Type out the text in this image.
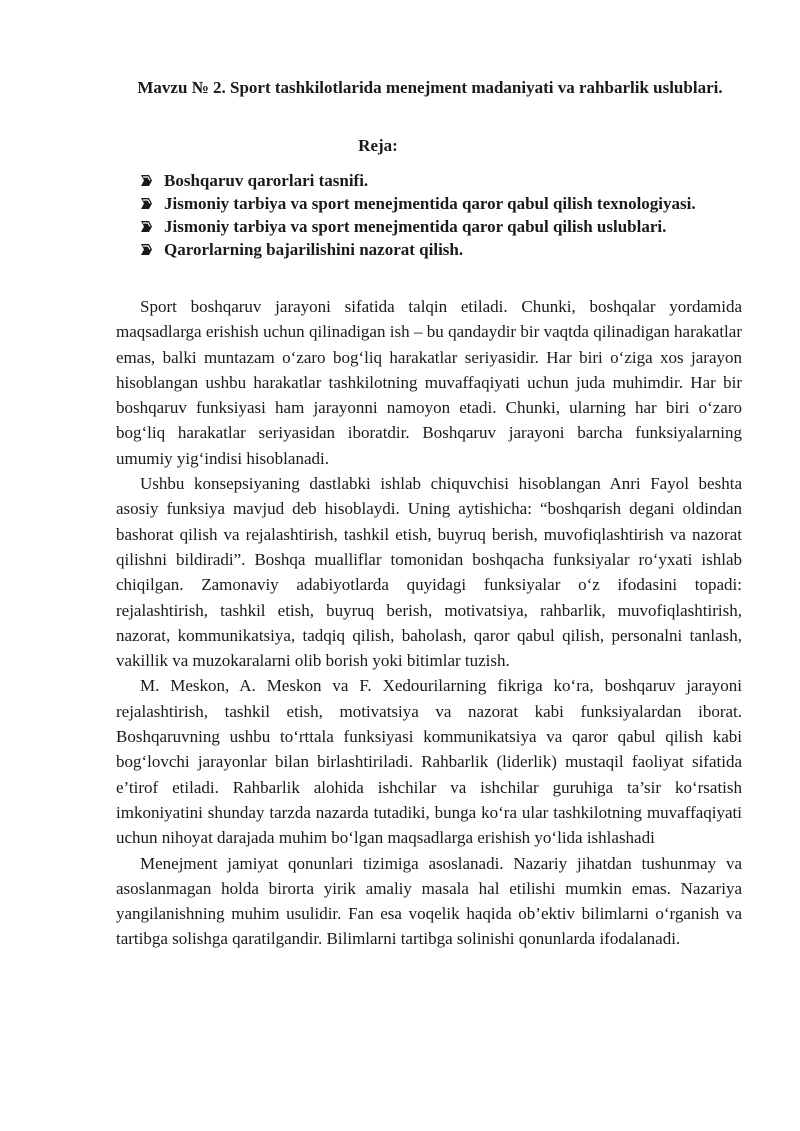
Mavzu № 2. Sport tashkilotlarida menejment madaniyati va rahbarlik uslublari.
Reja:
Boshqaruv qarorlari tasnifi.
Jismoniy tarbiya va sport menejmentida qaror qabul qilish texnologiyasi.
Jismoniy tarbiya va sport menejmentida qaror qabul qilish uslublari.
Qarorlarning bajarilishini nazorat qilish.

Sport boshqaruv jarayoni sifatida talqin etiladi. Chunki, boshqalar yordamida maqsadlarga erishish uchun qilinadigan ish – bu qandaydir bir vaqtda qilinadigan harakatlar emas, balki muntazam o‘zaro bog‘liq harakatlar seriyasidir. Har biri o‘ziga xos jarayon hisoblangan ushbu harakatlar tashkilotning muvaffaqiyati uchun juda muhimdir. Har bir boshqaruv funksiyasi ham jarayonni namoyon etadi. Chunki, ularning har biri o‘zaro bog‘liq harakatlar seriyasidan iboratdir. Boshqaruv jarayoni barcha funksiyalarning umumiy yig‘indisi hisoblanadi.

Ushbu konsepsiyaning dastlabki ishlab chiquvchisi hisoblangan Anri Fayol beshta asosiy funksiya mavjud deb hisoblaydi. Uning aytishicha: “boshqarish degani oldindan bashorat qilish va rejalashtirish, tashkil etish, buyruq berish, muvofiqlashtirish va nazorat qilishni bildiradi”. Boshqa mualliflar tomonidan boshqacha funksiyalar ro‘yxati ishlab chiqilgan. Zamonaviy adabiyotlarda quyidagi funksiyalar o‘z ifodasini topadi: rejalashtirish, tashkil etish, buyruq berish, motivatsiya, rahbarlik, muvofiqlashtirish, nazorat, kommunikatsiya, tadqiq qilish, baholash, qaror qabul qilish, personalni tanlash, vakillik va muzokaralarni olib borish yoki bitimlar tuzish.

M. Meskon, A. Meskon va F. Xedourilarning fikriga ko‘ra, boshqaruv jarayoni rejalashtirish, tashkil etish, motivatsiya va nazorat kabi funksiyalardan iborat. Boshqaruvning ushbu to‘rttala funksiyasi kommunikatsiya va qaror qabul qilish kabi bog‘lovchi jarayonlar bilan birlashtiriladi. Rahbarlik (liderlik) mustaqil faoliyat sifatida e’tirof etiladi. Rahbarlik alohida ishchilar va ishchilar guruhiga ta’sir ko‘rsatish imkoniyatini shunday tarzda nazarda tutadiki, bunga ko‘ra ular tashkilotning muvaffaqiyati uchun nihoyat darajada muhim bo‘lgan maqsadlarga erishish yo‘lida ishlashadi

Menejment jamiyat qonunlari tizimiga asoslanadi. Nazariy jihatdan tushunmay va asoslanmagan holda birorta yirik amaliy masala hal etilishi mumkin emas. Nazariya yangilanishning muhim usulidir. Fan esa voqelik haqida ob’ektiv bilimlarni o‘rganish va tartibga solishga qaratilgandir. Bilimlarni tartibga solinishi qonunlarda ifodalanadi.
